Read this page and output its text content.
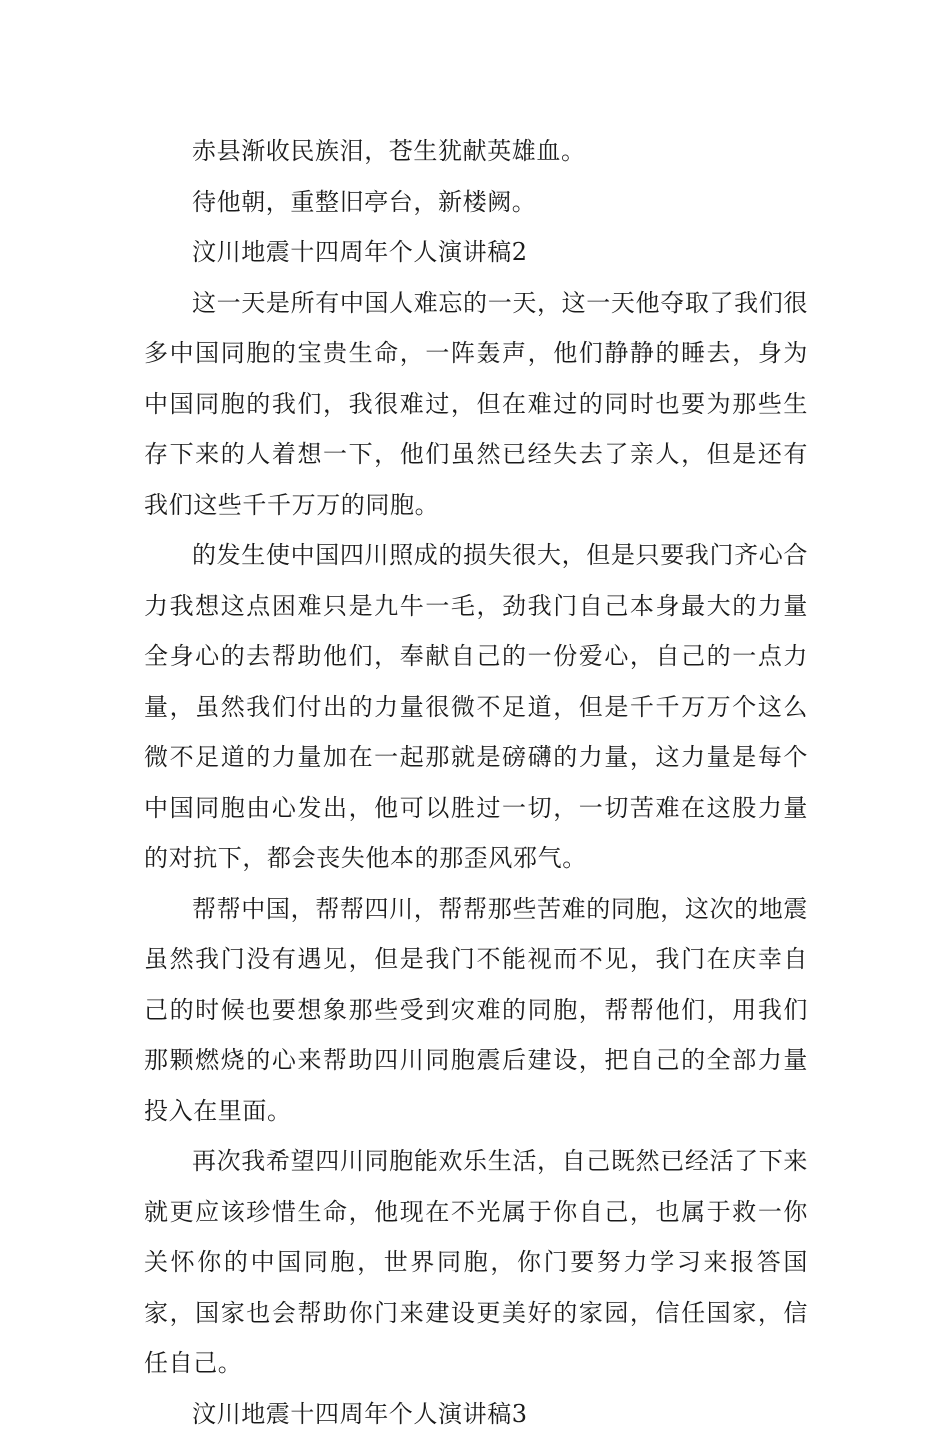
赤县渐收民族泪，苍生犹献英雄血。

待他朝，重整旧亭台，新楼阙。

汶川地震十四周年个人演讲稿2

这一天是所有中国人难忘的一天，这一天他夺取了我们很多中国同胞的宝贵生命，一阵轰声，他们静静的睡去，身为中国同胞的我们，我很难过，但在难过的同时也要为那些生存下来的人着想一下，他们虽然已经失去了亲人，但是还有我们这些千千万万的同胞。

的发生使中国四川照成的损失很大，但是只要我门齐心合力我想这点困难只是九牛一毛，劲我门自己本身最大的力量全身心的去帮助他们，奉献自己的一份爱心，自己的一点力量，虽然我们付出的力量很微不足道，但是千千万万个这么微不足道的力量加在一起那就是磅礴的力量，这力量是每个中国同胞由心发出，他可以胜过一切，一切苦难在这股力量的对抗下，都会丧失他本的那歪风邪气。

帮帮中国，帮帮四川，帮帮那些苦难的同胞，这次的地震虽然我门没有遇见，但是我门不能视而不见，我门在庆幸自己的时候也要想象那些受到灾难的同胞，帮帮他们，用我们那颗燃烧的心来帮助四川同胞震后建设，把自己的全部力量投入在里面。

再次我希望四川同胞能欢乐生活，自己既然已经活了下来就更应该珍惜生命，他现在不光属于你自己，也属于救一你关怀你的中国同胞，世界同胞，你门要努力学习来报答国家，国家也会帮助你门来建设更美好的家园，信任国家，信任自己。

汶川地震十四周年个人演讲稿3
